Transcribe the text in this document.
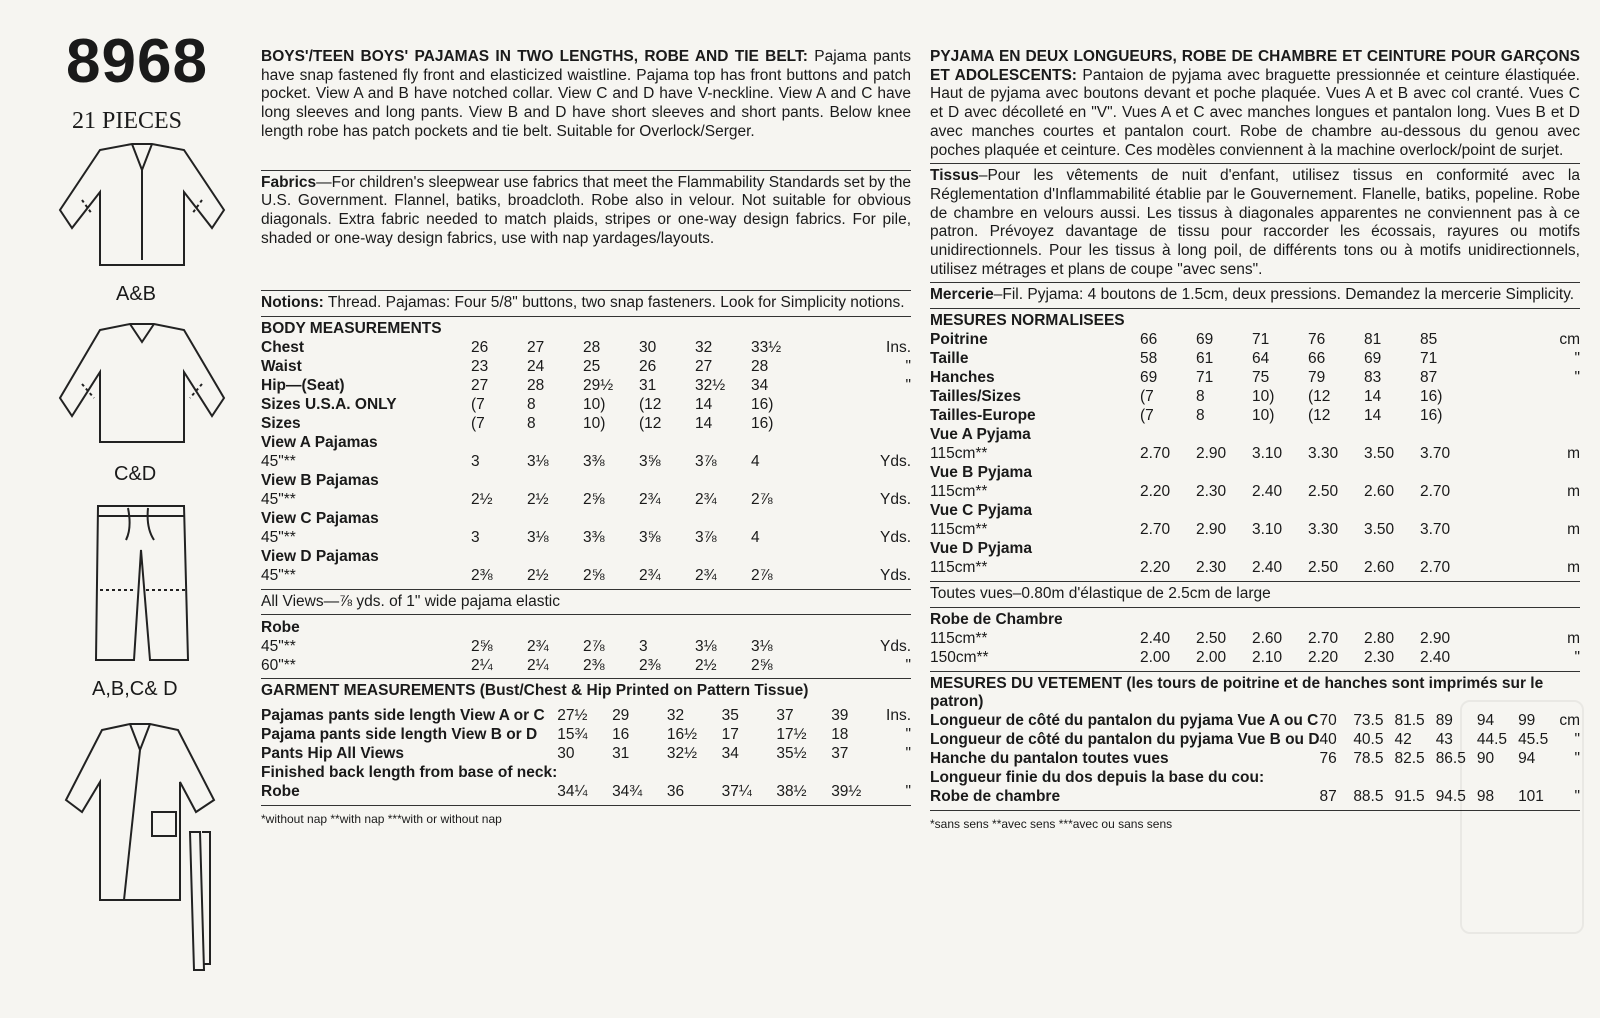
8968
21 PIECES
A&B
C&D
A,B,C& D

BOYS'/TEEN BOYS' PAJAMAS IN TWO LENGTHS, ROBE AND TIE BELT: Pajama pants have snap fastened fly front and elasticized waistline. Pajama top has front buttons and patch pocket. View A and B have notched collar. View C and D have V-neckline. View A and C have long sleeves and long pants. View B and D have short sleeves and short pants. Below knee length robe has patch pockets and tie belt. Suitable for Overlock/Serger.

Fabrics—For children's sleepwear use fabrics that meet the Flammability Standards set by the U.S. Government. Flannel, batiks, broadcloth. Robe also in velour. Not suitable for obvious diagonals. Extra fabric needed to match plaids, stripes or one-way design fabrics. For pile, shaded or one-way design fabrics, use with nap yardages/layouts.

Notions: Thread. Pajamas: Four 5/8" buttons, two snap fasteners. Look for Simplicity notions.

BODY MEASUREMENTS
Chest	26	27	28	30	32	33½	Ins.
Waist	23	24	25	26	27	28	"
Hip—(Seat)	27	28	29½	31	32½	34	"
Sizes U.S.A. ONLY	(7	8	10)	(12	14	16)	
Sizes	(7	8	10)	(12	14	16)	
View A Pajamas							
45"**	3	3⅛	3⅜	3⅝	3⅞	4	Yds.
View B Pajamas							
45"**	2½	2½	2⅝	2¾	2¾	2⅞	Yds.
View C Pajamas							
45"**	3	3⅛	3⅜	3⅝	3⅞	4	Yds.
View D Pajamas							
45"**	2⅜	2½	2⅝	2¾	2¾	2⅞	Yds.
All Views—⅞ yds. of 1" wide pajama elastic
Robe							
45"**	2⅝	2¾	2⅞	3	3⅛	3⅛	Yds.
60"**	2¼	2¼	2⅜	2⅜	2½	2⅝	"
GARMENT MEASUREMENTS (Bust/Chest & Hip Printed on Pattern Tissue)
Pajamas pants side length View A or C	27½	29	32	35	37	39	Ins.
Pajama pants side length View B or D	15¾	16	16½	17	17½	18	"
Pants Hip All Views	30	31	32½	34	35½	37	"
Finished back length from base of neck:							
Robe	34¼	34¾	36	37¼	38½	39½	"
*without nap **with nap ***with or without nap

PYJAMA EN DEUX LONGUEURS, ROBE DE CHAMBRE ET CEINTURE POUR GARÇONS ET ADOLESCENTS: Pantaion de pyjama avec braguette pressionnée et ceinture élastiquée. Haut de pyjama avec boutons devant et poche plaquée. Vues A et B avec col cranté. Vues C et D avec décolleté en "V". Vues A et C avec manches longues et pantalon long. Vues B et D avec manches courtes et pantalon court. Robe de chambre au-dessous du genou avec poches plaquée et ceinture. Ces modèles conviennent à la machine overlock/point de surjet.

Tissus–Pour les vêtements de nuit d'enfant, utilisez tissus en conformité avec la Réglementation d'Inflammabilité établie par le Gouvernement. Flanelle, batiks, popeline. Robe de chambre en velours aussi. Les tissus à diagonales apparentes ne conviennent pas à ce patron. Prévoyez davantage de tissu pour raccorder les écossais, rayures ou motifs unidirectionnels. Pour les tissus à long poil, de différents tons ou à motifs unidirectionnels, utilisez métrages et plans de coupe "avec sens".

Mercerie–Fil. Pyjama: 4 boutons de 1.5cm, deux pressions. Demandez la mercerie Simplicity.

MESURES NORMALISEES
Poitrine	66	69	71	76	81	85	cm
Taille	58	61	64	66	69	71	"
Hanches	69	71	75	79	83	87	"
Tailles/Sizes	(7	8	10)	(12	14	16)	
Tailles-Europe	(7	8	10)	(12	14	16)	
Vue A Pyjama							
115cm**	2.70	2.90	3.10	3.30	3.50	3.70	m
Vue B Pyjama							
115cm**	2.20	2.30	2.40	2.50	2.60	2.70	m
Vue C Pyjama							
115cm**	2.70	2.90	3.10	3.30	3.50	3.70	m
Vue D Pyjama							
115cm**	2.20	2.30	2.40	2.50	2.60	2.70	m
Toutes vues–0.80m d'élastique de 2.5cm de large
Robe de Chambre							
115cm**	2.40	2.50	2.60	2.70	2.80	2.90	m
150cm**	2.00	2.00	2.10	2.20	2.30	2.40	"
MESURES DU VETEMENT (les tours de poitrine et de hanches sont imprimés sur le patron)
Longueur de côté du pantalon du pyjama Vue A ou C	70	73.5	81.5	89	94	99	cm
Longueur de côté du pantalon du pyjama Vue B ou D	40	40.5	42	43	44.5	45.5	"
Hanche du pantalon toutes vues	76	78.5	82.5	86.5	90	94	"
Longueur finie du dos depuis la base du cou:							
Robe de chambre	87	88.5	91.5	94.5	98	101	"
*sans sens **avec sens ***avec ou sans sens
